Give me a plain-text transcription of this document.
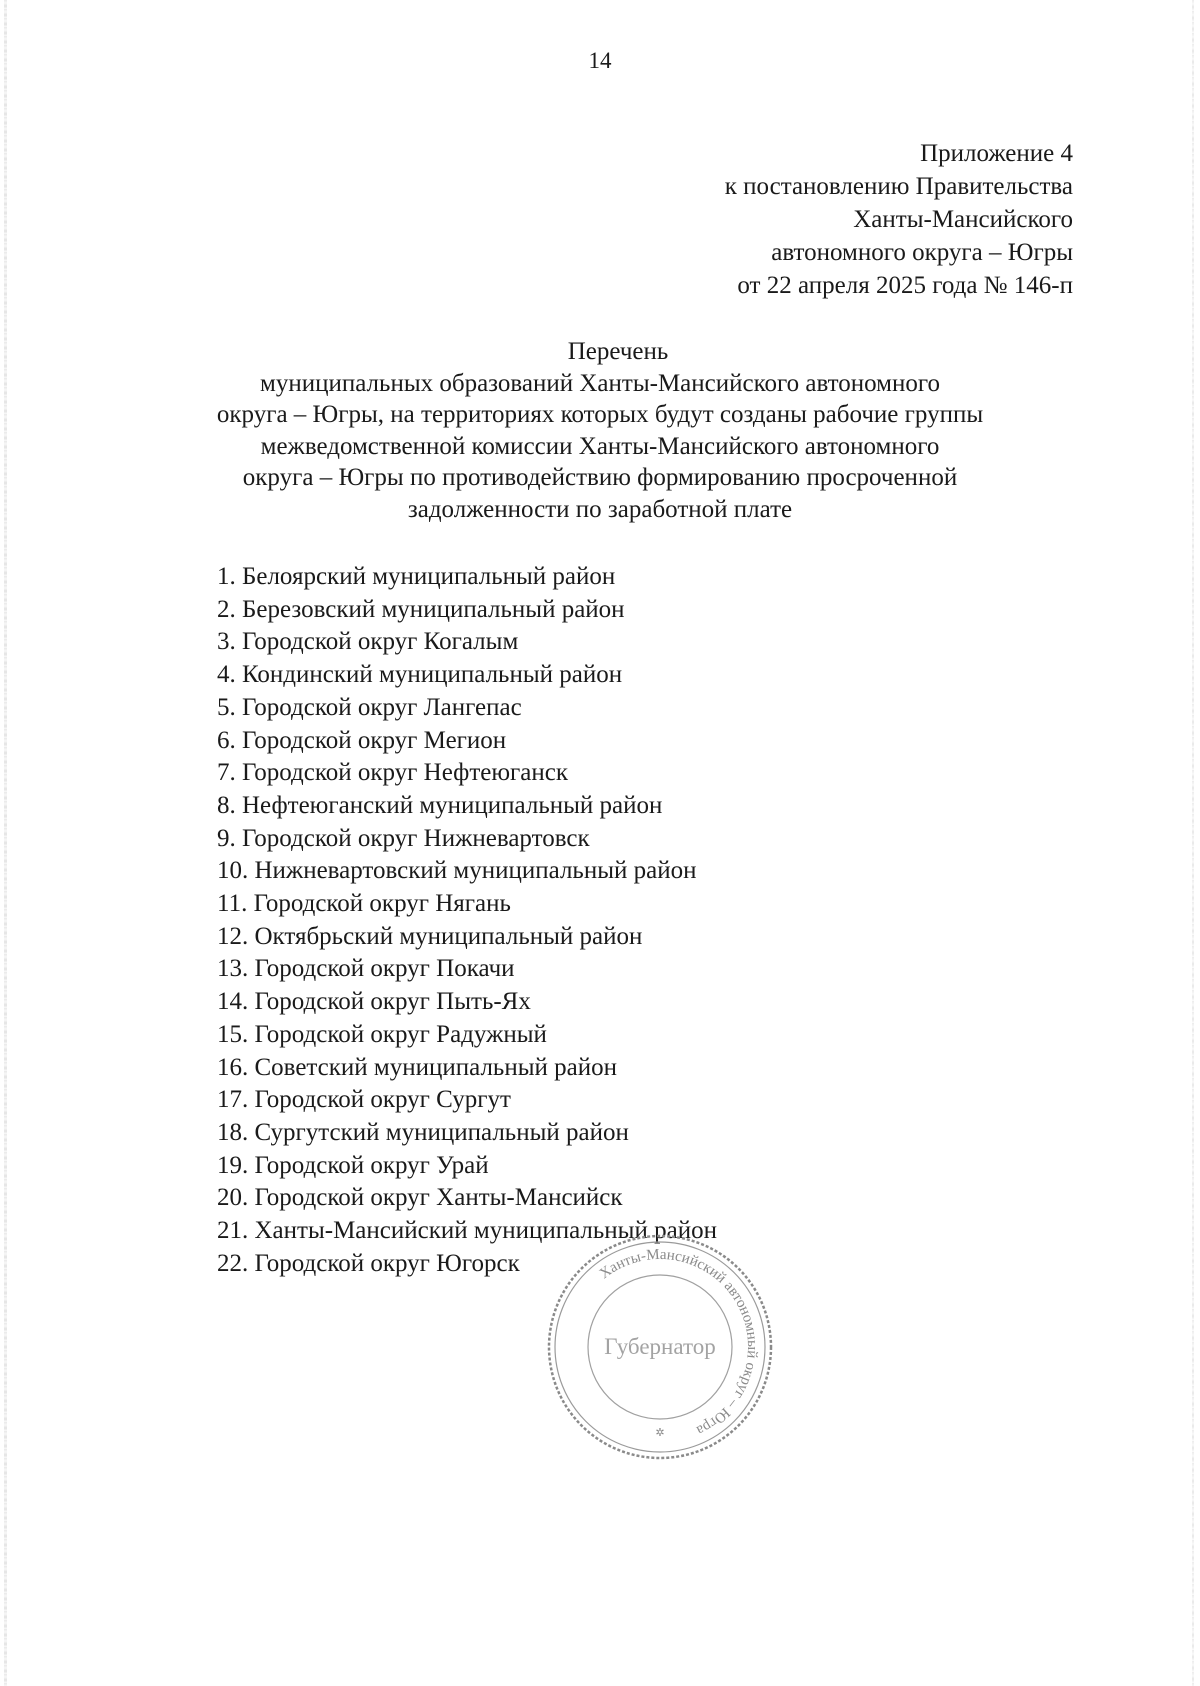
14
Приложение 4
к постановлению Правительства
Ханты-Мансийского
автономного округа – Югры
от 22 апреля 2025 года № 146-п
Перечень
муниципальных образований Ханты-Мансийского автономного
округа – Югры, на территориях которых будут созданы рабочие группы
межведомственной комиссии Ханты-Мансийского автономного
округа – Югры по противодействию формированию просроченной
задолженности по заработной плате
1. Белоярский муниципальный район
2. Березовский муниципальный район
3. Городской округ Когалым
4. Кондинский муниципальный район
5. Городской округ Лангепас
6. Городской округ Мегион
7. Городской округ Нефтеюганск
8. Нефтеюганский муниципальный район
9. Городской округ Нижневартовск
10. Нижневартовский муниципальный район
11. Городской округ Нягань
12. Октябрьский муниципальный район
13. Городской округ Покачи
14. Городской округ Пыть-Ях
15. Городской округ Радужный
16. Советский муниципальный район
17. Городской округ Сургут
18. Сургутский муниципальный район
19. Городской округ Урай
20. Городской округ Ханты-Мансийск
21. Ханты-Мансийский муниципальный район
22. Городской округ Югорск	Ханты-Мансийский автономный округ – Югра
Губернатор
✲
